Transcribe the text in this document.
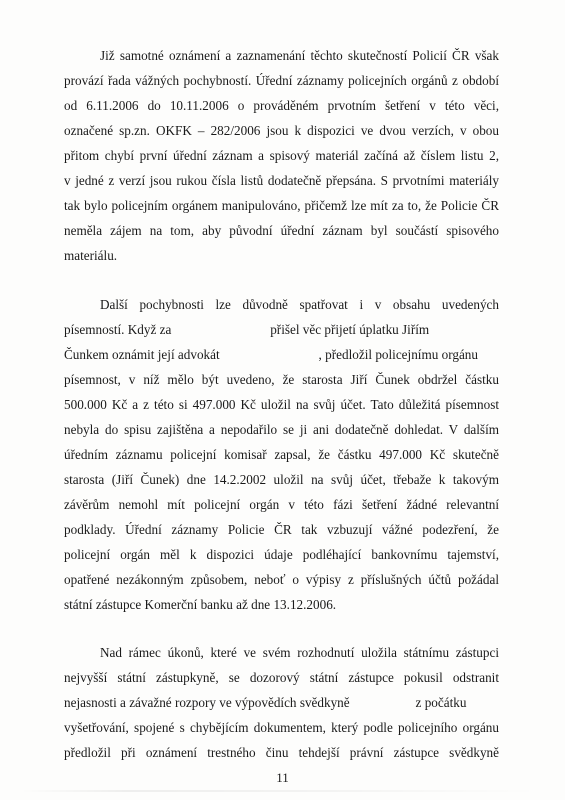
Již samotné oznámení a zaznamenání těchto skutečností Policií ČR však
provází řada vážných pochybností. Úřední záznamy policejních orgánů z období
od 6.11.2006 do 10.11.2006 o prováděném prvotním šetření v této věci,
označené sp.zn. OKFK – 282/2006 jsou k dispozici ve dvou verzích, v obou
přitom chybí první úřední záznam a spisový materiál začíná až číslem listu 2,
v jedné z verzí jsou rukou čísla listů dodatečně přepsána. S prvotními materiály
tak bylo policejním orgánem manipulováno, přičemž lze mít za to, že Policie ČR
neměla zájem na tom, aby původní úřední záznam byl součástí spisového
materiálu.
Další pochybnosti lze důvodně spatřovat i v obsahu uvedených
písemností. Když za                              přišel věc přijetí úplatku Jiřím
Čunkem oznámit její advokát                              , předložil policejnímu orgánu
písemnost, v níž mělo být uvedeno, že starosta Jiří Čunek obdržel částku
500.000 Kč a z této si 497.000 Kč uložil na svůj účet. Tato důležitá písemnost
nebyla do spisu zajištěna a nepodařilo se ji ani dodatečně dohledat. V dalším
úředním záznamu policejní komisař zapsal, že částku 497.000 Kč skutečně
starosta (Jiří Čunek) dne 14.2.2002 uložil na svůj účet, třebaže k takovým
závěrům nemohl mít policejní orgán v této fázi šetření žádné relevantní
podklady. Úřední záznamy Policie ČR tak vzbuzují vážné podezření, že
policejní orgán měl k dispozici údaje podléhající bankovnímu tajemství,
opatřené nezákonným způsobem, neboť o výpisy z příslušných účtů požádal
státní zástupce Komerční banku až dne 13.12.2006.
Nad rámec úkonů, které ve svém rozhodnutí uložila státnímu zástupci
nejvyšší státní zástupkyně, se dozorový státní zástupce pokusil odstranit
nejasnosti a závažné rozpory ve výpovědích svědkyně                    z počátku
vyšetřování, spojené s chybějícím dokumentem, který podle policejního orgánu
předložil při oznámení trestného činu tehdejší právní zástupce svědkyně
11
